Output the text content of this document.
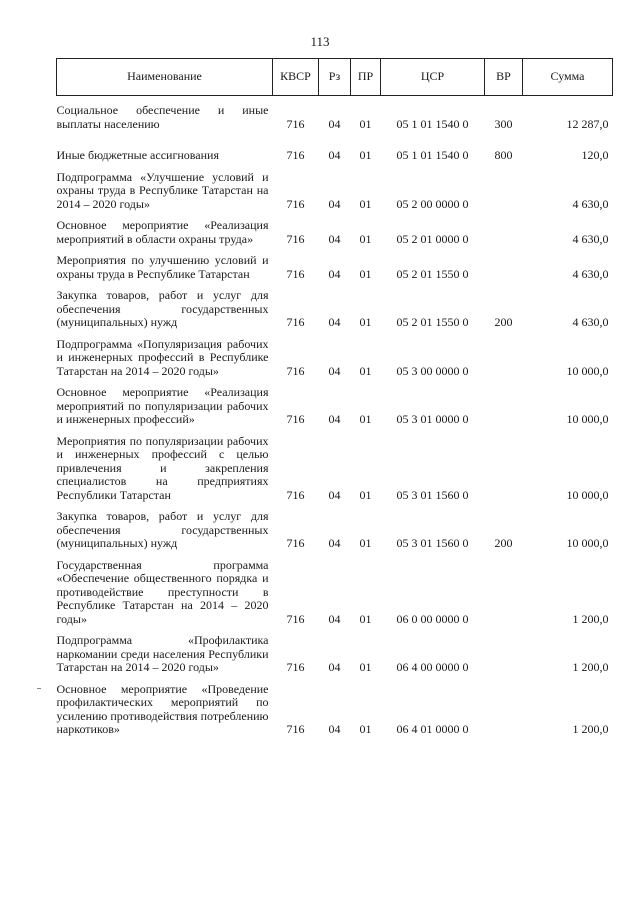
113
Наименование	КВСР	Рз	ПР	ЦСР	ВР	Сумма

Социальное обеспечение и иные выплаты населению	716	04	01	05 1 01 1540 0	300	12 287,0

Иные бюджетные ассигнования	716	04	01	05 1 01 1540 0	800	120,0

Подпрограмма «Улучшение условий и охраны труда в Республике Татарстан на 2014 – 2020 годы»	716	04	01	05 2 00 0000 0		4 630,0

Основное мероприятие «Реализация мероприятий в области охраны труда»	716	04	01	05 2 01 0000 0		4 630,0

Мероприятия по улучшению условий и охраны труда в Республике Татарстан	716	04	01	05 2 01 1550 0		4 630,0

Закупка товаров, работ и услуг для обеспечения государственных (муниципальных) нужд	716	04	01	05 2 01 1550 0	200	4 630,0

Подпрограмма «Популяризация рабочих и инженерных профессий в Республике Татарстан на 2014 – 2020 годы»	716	04	01	05 3 00 0000 0		10 000,0

Основное мероприятие «Реализация мероприятий по популяризации рабочих и инженерных профессий»	716	04	01	05 3 01 0000 0		10 000,0

Мероприятия по популяризации рабочих и инженерных профессий с целью привлечения и закрепления специалистов на предприятиях Республики Татарстан	716	04	01	05 3 01 1560 0		10 000,0

Закупка товаров, работ и услуг для обеспечения государственных (муниципальных) нужд	716	04	01	05 3 01 1560 0	200	10 000,0

Государственная программа «Обеспечение общественного порядка и противодействие преступности в Республике Татарстан на 2014 – 2020 годы»	716	04	01	06 0 00 0000 0		1 200,0

Подпрограмма «Профилактика наркомании среди населения Республики Татарстан на 2014 – 2020 годы»	716	04	01	06 4 00 0000 0		1 200,0

Основное мероприятие «Проведение профилактических мероприятий по усилению противодействия потреблению наркотиков»	716	04	01	06 4 01 0000 0		1 200,0
